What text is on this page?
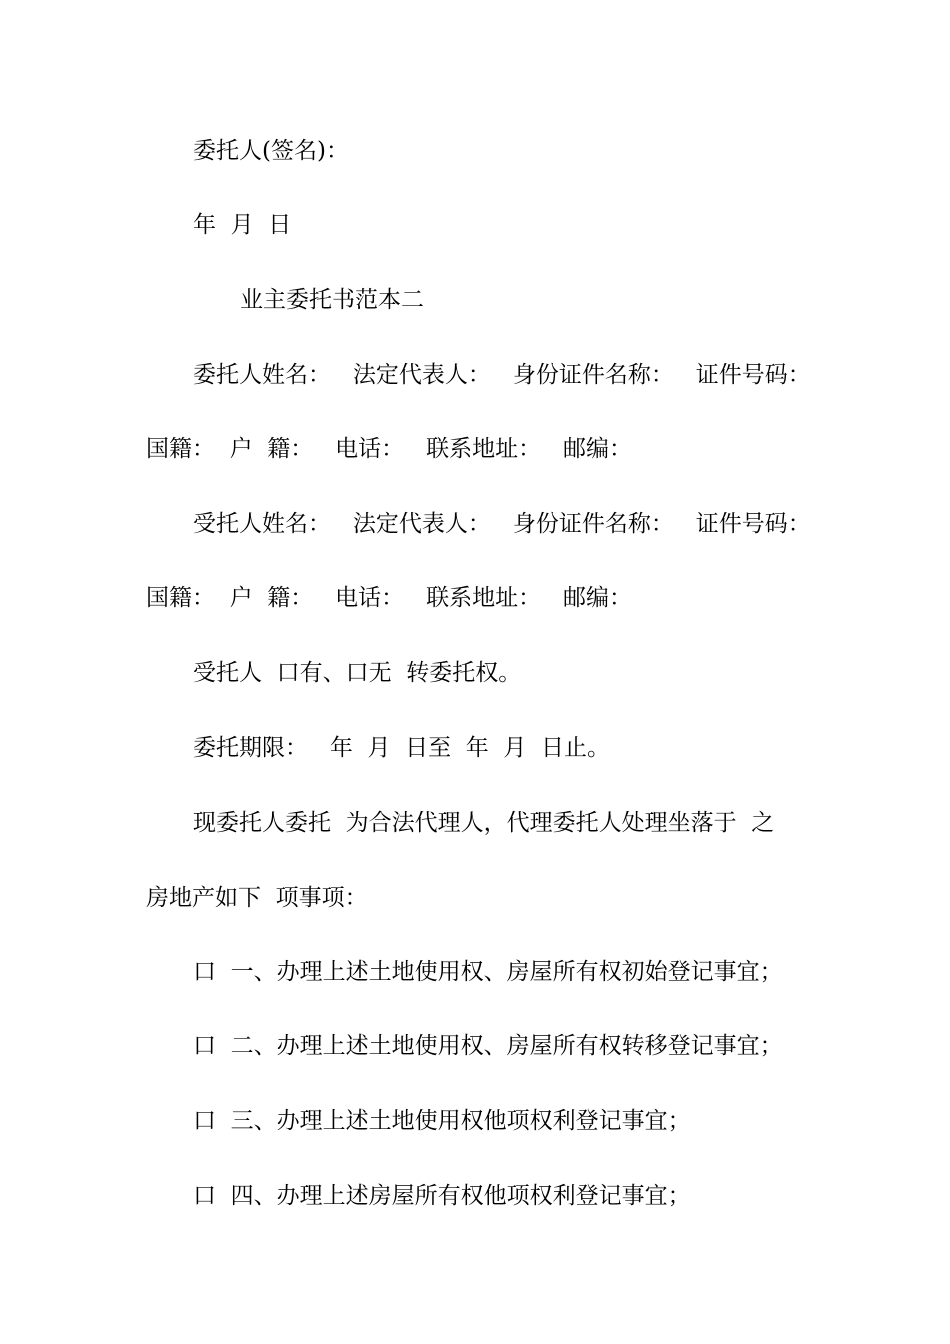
委托人(签名)：
年  月  日
业主委托书范本二
委托人姓名：   法定代表人：   身份证件名称：   证件号码：
国籍：  户  籍：   电话：   联系地址：   邮编：
受托人姓名：   法定代表人：   身份证件名称：   证件号码：
国籍：  户  籍：   电话：   联系地址：   邮编：
受托人  口有、口无  转委托权。
委托期限：   年  月  日至  年  月  日止。
现委托人委托  为合法代理人，代理委托人处理坐落于  之
房地产如下  项事项：
口  一、办理上述土地使用权、房屋所有权初始登记事宜；
口  二、办理上述土地使用权、房屋所有权转移登记事宜；
口  三、办理上述土地使用权他项权利登记事宜；
口  四、办理上述房屋所有权他项权利登记事宜；
